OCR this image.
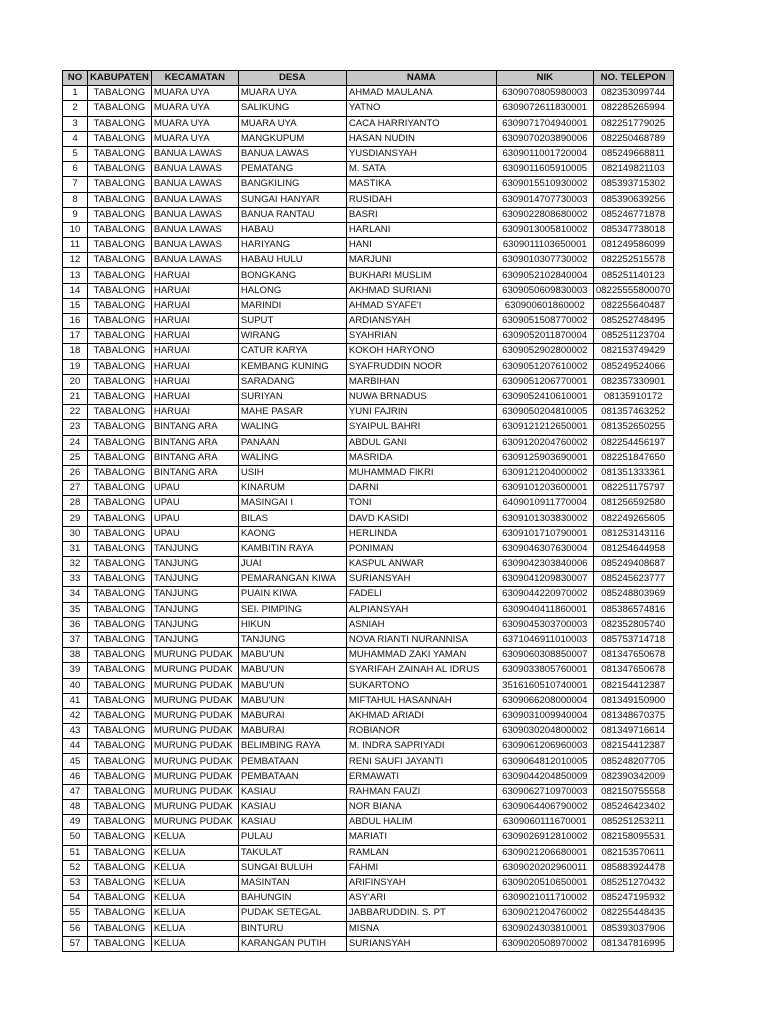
NO	KABUPATEN	KECAMATAN	DESA	NAMA	NIK	NO. TELEPON
1	TABALONG	MUARA UYA	MUARA UYA	AHMAD MAULANA	6309070805980003	082353099744
2	TABALONG	MUARA UYA	SALIKUNG	YATNO	6309072611830001	082285265994
3	TABALONG	MUARA UYA	MUARA UYA	CACA HARRIYANTO	6309071704940001	082251779025
4	TABALONG	MUARA UYA	MANGKUPUM	HASAN NUDIN	6309070203890006	082250468789
5	TABALONG	BANUA LAWAS	BANUA LAWAS	YUSDIANSYAH	6309011001720004	085249668811
6	TABALONG	BANUA LAWAS	PEMATANG	M. SATA	6309011605910005	082149821103
7	TABALONG	BANUA LAWAS	BANGKILING	MASTIKA	6309015510930002	085393715302
8	TABALONG	BANUA LAWAS	SUNGAI HANYAR	RUSIDAH	6309014707730003	085390639256
9	TABALONG	BANUA LAWAS	BANUA RANTAU	BASRI	6309022808680002	085246771878
10	TABALONG	BANUA LAWAS	HABAU	HARLANI	6309013005810002	085347738018
11	TABALONG	BANUA LAWAS	HARIYANG	HANI	6309011103650001	081249586099
12	TABALONG	BANUA LAWAS	HABAU HULU	MARJUNI	6309010307730002	082252515578
13	TABALONG	HARUAI	BONGKANG	BUKHARI MUSLIM	6309052102840004	085251140123
14	TABALONG	HARUAI	HALONG	AKHMAD SURIANI	6309050609830003	08225555800070
15	TABALONG	HARUAI	MARINDI	AHMAD SYAFE'I	630900601860002	082255640487
16	TABALONG	HARUAI	SUPUT	ARDIANSYAH	6309051508770002	085252748495
17	TABALONG	HARUAI	WIRANG	SYAHRIAN	6309052011870004	085251123704
18	TABALONG	HARUAI	CATUR KARYA	KOKOH HARYONO	6309052902800002	082153749429
19	TABALONG	HARUAI	KEMBANG KUNING	SYAFRUDDIN NOOR	6309051207610002	085249524066
20	TABALONG	HARUAI	SARADANG	MARBIHAN	6309051206770001	082357330901
21	TABALONG	HARUAI	SURIYAN	NUWA BRNADUS	6309052410610001	08135910172
22	TABALONG	HARUAI	MAHE PASAR	YUNI FAJRIN	6309050204810005	081357463252
23	TABALONG	BINTANG ARA	WALING	SYAIPUL BAHRI	6309121212650001	081352650255
24	TABALONG	BINTANG ARA	PANAAN	ABDUL GANI	6309120204760002	082254456197
25	TABALONG	BINTANG ARA	WALING	MASRIDA	6309125903690001	082251847650
26	TABALONG	BINTANG ARA	USIH	MUHAMMAD FIKRI	6309121204000002	081351333361
27	TABALONG	UPAU	KINARUM	DARNI	6309101203600001	082251175797
28	TABALONG	UPAU	MASINGAI I	TONI	6409010911770004	081256592580
29	TABALONG	UPAU	BILAS	DAVD KASIDI	6309101303830002	082249265605
30	TABALONG	UPAU	KAONG	HERLINDA	6309101710790001	081253143116
31	TABALONG	TANJUNG	KAMBITIN RAYA	PONIMAN	6309046307630004	081254644958
32	TABALONG	TANJUNG	JUAI	KASPUL ANWAR	6309042303840006	085249408687
33	TABALONG	TANJUNG	PEMARANGAN KIWA	SURIANSYAH	6309041209830007	085245623777
34	TABALONG	TANJUNG	PUAIN KIWA	FADELI	6309044220970002	085248803969
35	TABALONG	TANJUNG	SEI. PIMPING	ALPIANSYAH	6309040411860001	085386574816
36	TABALONG	TANJUNG	HIKUN	ASNIAH	6309045303700003	082352805740
37	TABALONG	TANJUNG	TANJUNG	NOVA RIANTI NURANNISA	6371046911010003	085753714718
38	TABALONG	MURUNG PUDAK	MABU'UN	MUHAMMAD ZAKI YAMAN	6309060308850007	081347650678
39	TABALONG	MURUNG PUDAK	MABU'UN	SYARIFAH ZAINAH AL IDRUS	6309033805760001	081347650678
40	TABALONG	MURUNG PUDAK	MABU'UN	SUKARTONO	3516160510740001	082154412387
41	TABALONG	MURUNG PUDAK	MABU'UN	MIFTAHUL HASANNAH	6309066208000004	081349150900
42	TABALONG	MURUNG PUDAK	MABURAI	AKHMAD ARIADI	6309031009940004	081348670375
43	TABALONG	MURUNG PUDAK	MABURAI	ROBIANOR	6309030204800002	081349716614
44	TABALONG	MURUNG PUDAK	BELIMBING RAYA	M. INDRA SAPRIYADI	6309061206960003	082154412387
45	TABALONG	MURUNG PUDAK	PEMBATAAN	RENI SAUFI JAYANTI	6309064812010005	085248207705
46	TABALONG	MURUNG PUDAK	PEMBATAAN	ERMAWATI	6309044204850009	082390342009
47	TABALONG	MURUNG PUDAK	KASIAU	RAHMAN FAUZI	6309062710970003	082150755558
48	TABALONG	MURUNG PUDAK	KASIAU	NOR BIANA	6309064406790002	085246423402
49	TABALONG	MURUNG PUDAK	KASIAU	ABDUL HALIM	6309060111670001	085251253211
50	TABALONG	KELUA	PULAU	MARIATI	6309026912810002	082158095531
51	TABALONG	KELUA	TAKULAT	RAMLAN	6309021206680001	082153570611
52	TABALONG	KELUA	SUNGAI BULUH	FAHMI	6309020202960011	085883924478
53	TABALONG	KELUA	MASINTAN	ARIFINSYAH	6309020510650001	085251270432
54	TABALONG	KELUA	BAHUNGIN	ASY'ARI	6309021011710002	085247195932
55	TABALONG	KELUA	PUDAK SETEGAL	JABBARUDDIN. S. PT	6309021204760002	082255448435
56	TABALONG	KELUA	BINTURU	MISNA	6309024303810001	085393037906
57	TABALONG	KELUA	KARANGAN PUTIH	SURIANSYAH	6309020508970002	081347816995
